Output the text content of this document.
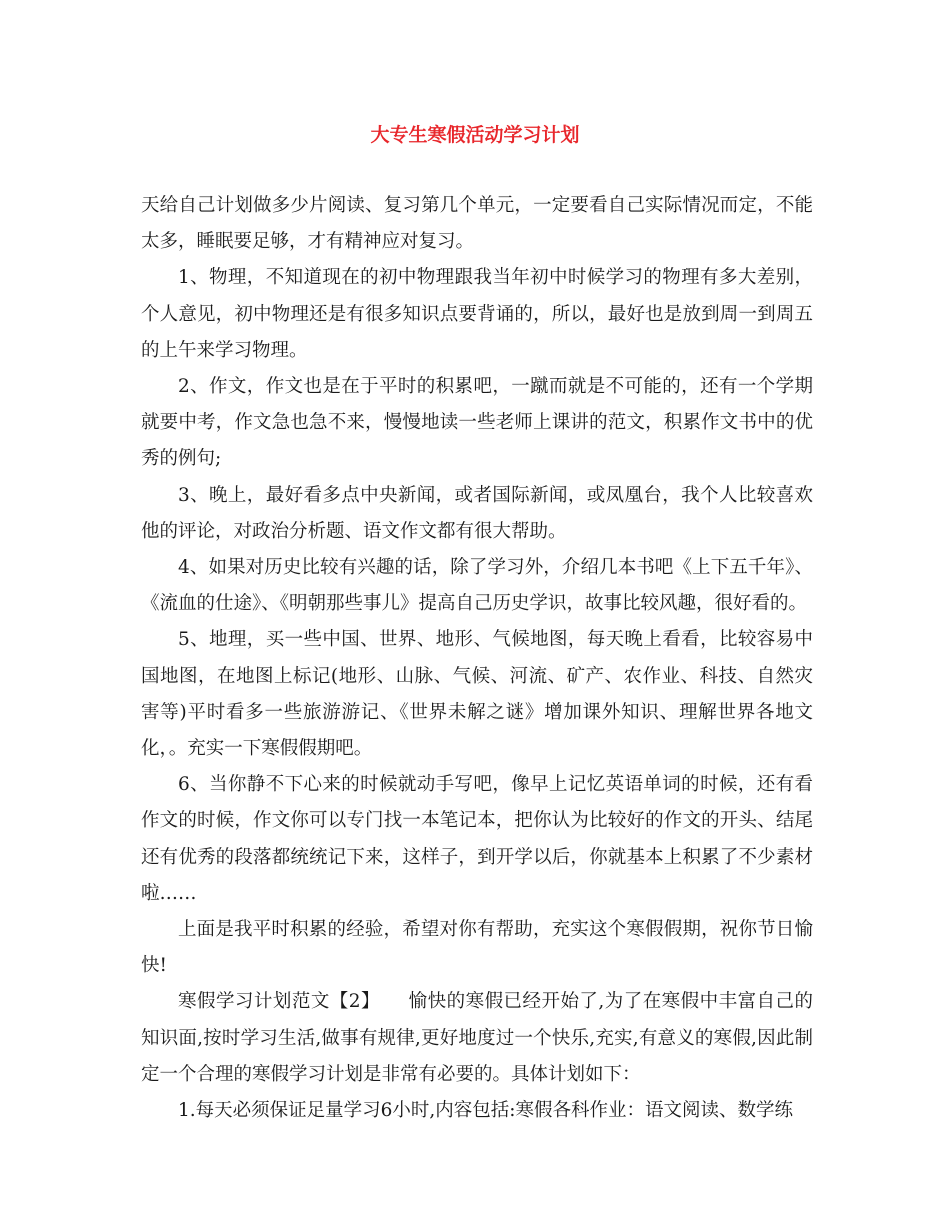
大专生寒假活动学习计划

天给自己计划做多少片阅读、复习第几个单元，一定要看自己实际情况而定，不能太多，睡眠要足够，才有精神应对复习。

1、物理，不知道现在的初中物理跟我当年初中时候学习的物理有多大差别，个人意见，初中物理还是有很多知识点要背诵的，所以，最好也是放到周一到周五的上午来学习物理。

2、作文，作文也是在于平时的积累吧，一蹴而就是不可能的，还有一个学期就要中考，作文急也急不来，慢慢地读一些老师上课讲的范文，积累作文书中的优秀的例句;

3、晚上，最好看多点中央新闻，或者国际新闻，或凤凰台，我个人比较喜欢他的评论，对政治分析题、语文作文都有很大帮助。

4、如果对历史比较有兴趣的话，除了学习外，介绍几本书吧《上下五千年》、《流血的仕途》、《明朝那些事儿》提高自己历史学识，故事比较风趣，很好看的。

5、地理，买一些中国、世界、地形、气候地图，每天晚上看看，比较容易中国地图，在地图上标记(地形、山脉、气候、河流、矿产、农作业、科技、自然灾害等)平时看多一些旅游游记、《世界未解之谜》增加课外知识、理解世界各地文化，。充实一下寒假假期吧。

6、当你静不下心来的时候就动手写吧，像早上记忆英语单词的时候，还有看作文的时候，作文你可以专门找一本笔记本，把你认为比较好的作文的开头、结尾还有优秀的段落都统统记下来，这样子，到开学以后，你就基本上积累了不少素材啦……

上面是我平时积累的经验，希望对你有帮助，充实这个寒假假期，祝你节日愉快!

寒假学习计划范文【2】　　愉快的寒假已经开始了,为了在寒假中丰富自己的知识面,按时学习生活,做事有规律,更好地度过一个快乐,充实,有意义的寒假,因此制定一个合理的寒假学习计划是非常有必要的。具体计划如下：

1.每天必须保证足量学习6小时,内容包括:寒假各科作业：语文阅读、数学练
